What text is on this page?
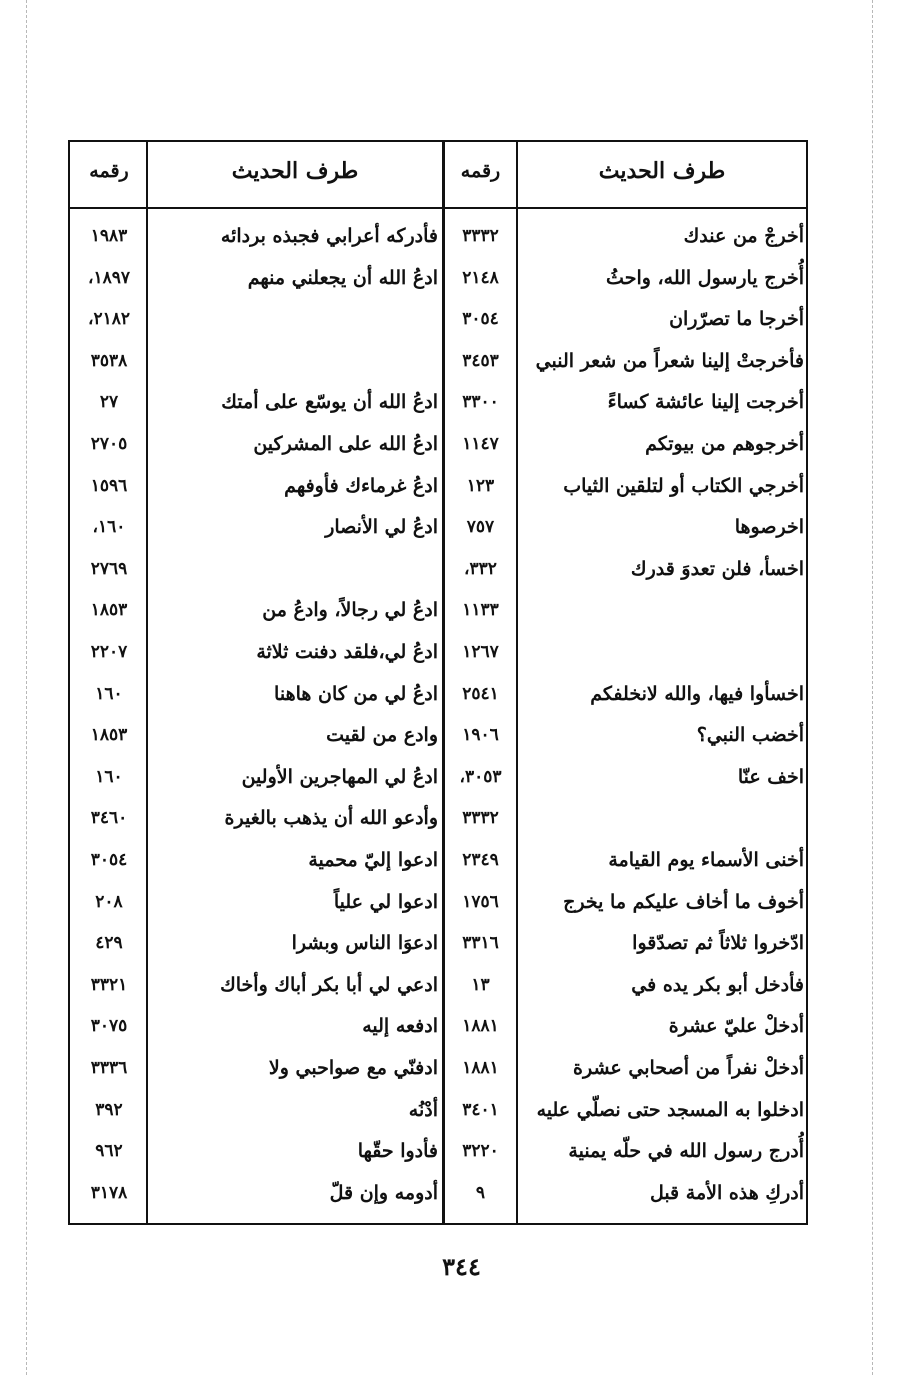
طرف الحديث
رقمه
طرف الحديث
رقمه
أخرجْ من عندك
أُخرج يارسول الله، واحثُ
أخرجا ما تصرّران
فأخرجتْ إلينا شعراً من شعر النبي
أخرجت إلينا عائشة كساءً
أخرجوهم من بيوتكم
أخرجي الكتاب أو لتلقين الثياب
اخرصوها
اخسأ، فلن تعدوَ قدرك
اخسأوا فيها، والله لانخلفكم
أخضب النبي؟
اخف عنّا
أخنى الأسماء يوم القيامة
أخوف ما أخاف عليكم ما يخرج
ادّخروا ثلاثاً ثم تصدّقوا
فأدخل أبو بكر يده في
أدخلْ عليّ عشرة
أدخلْ نفراً من أصحابي عشرة
ادخلوا به المسجد حتى نصلّي عليه
أُدرج رسول الله في حلّه يمنية
أدركِ هذه الأمة قبل
٣٣٣٢
٢١٤٨
٣٠٥٤
٣٤٥٣
٣٣٠٠
١١٤٧
١٢٣
٧٥٧
،٣٣٢
١١٣٣
١٢٦٧
٢٥٤١
١٩٠٦
،٣٠٥٣
٣٣٣٢
٢٣٤٩
١٧٥٦
٣٣١٦
١٣
١٨٨١
١٨٨١
٣٤٠١
٣٢٢٠
٩
فأدركه أعرابي فجبذه بردائه
ادعُ الله أن يجعلني منهم
ادعُ الله أن يوسّع على أمتك
ادعُ الله على المشركين
ادعُ غرماءك فأوفهم
ادعُ لي الأنصار
ادعُ لي رجالاً، وادعُ من
ادعُ لي،فلقد دفنت ثلاثة
ادعُ لي من كان هاهنا
وادع من لقيت
ادعُ لي المهاجرين الأولين
وأدعو الله أن يذهب بالغيرة
ادعوا إليّ محمية
ادعوا لي علياً
ادعوَا الناس وبشرا
ادعي لي أبا بكر أباك وأخاك
ادفعه إليه
ادفنّي مع صواحبي ولا
أدْنُه
فأدوا حقّها
أدومه وإن قلّ
١٩٨٣
،١٨٩٧
،٢١٨٢
٣٥٣٨
٢٧
٢٧٠٥
١٥٩٦
،١٦٠
٢٧٦٩
١٨٥٣
٢٢٠٧
١٦٠
١٨٥٣
١٦٠
٣٤٦٠
٣٠٥٤
٢٠٨
٤٢٩
٣٣٢١
٣٠٧٥
٣٣٣٦
٣٩٢
٩٦٢
٣١٧٨
٣٤٤
